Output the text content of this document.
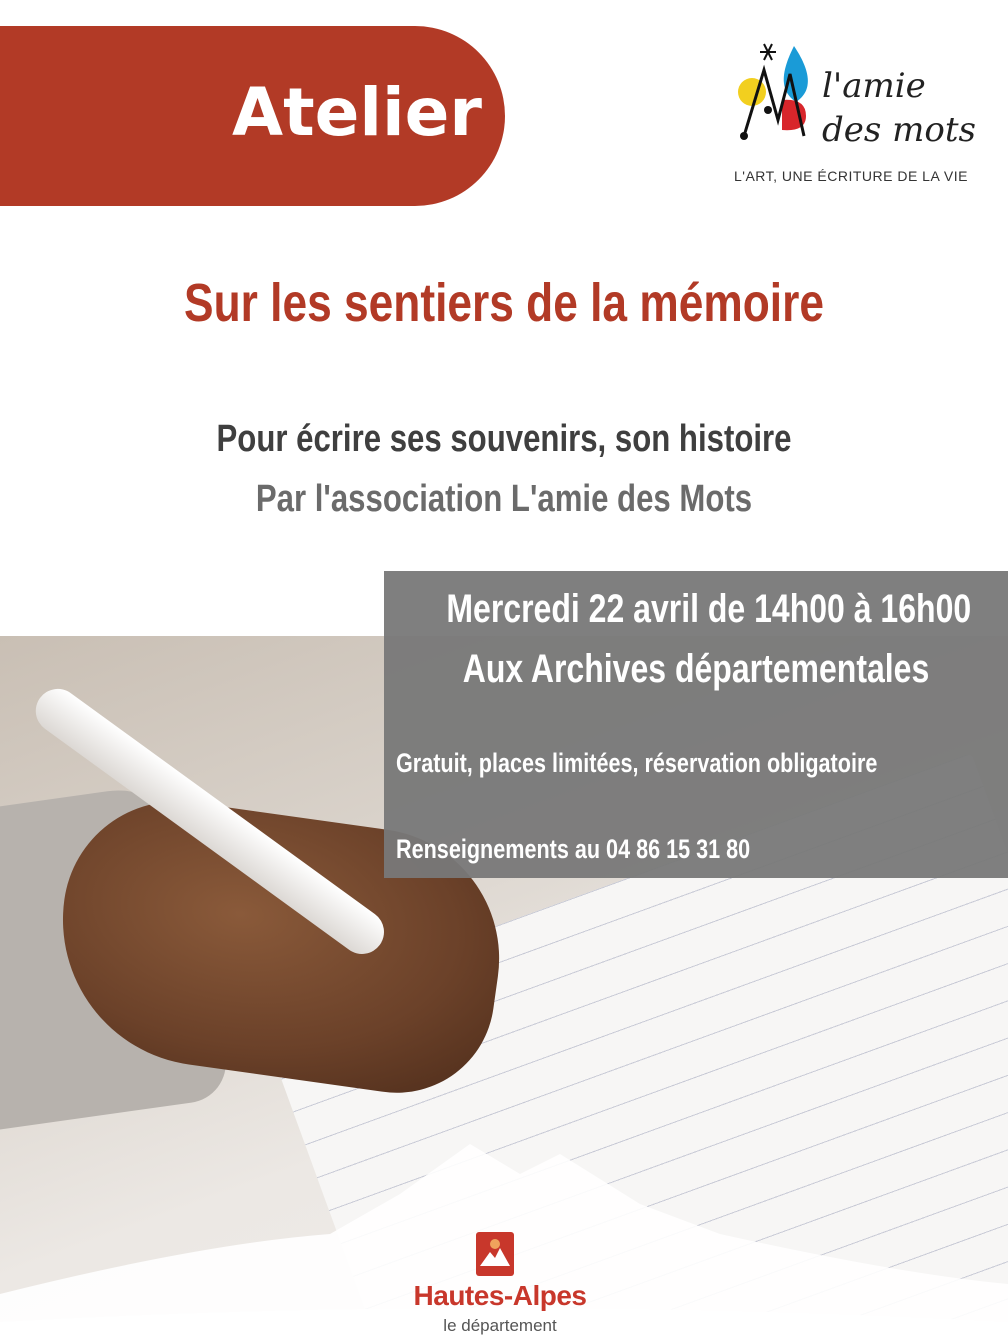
Atelier	l'amie
des mots
L'ART, UNE ÉCRITURE DE LA VIE
Sur les sentiers de la mémoire
Pour écrire ses souvenirs, son histoire
Par l'association L'amie des Mots
Mercredi 22 avril de 14h00 à 16h00
Aux Archives départementales
Gratuit, places limitées, réservation obligatoire
Renseignements au 04 86 15 31 80
Hautes-Alpes
le département
